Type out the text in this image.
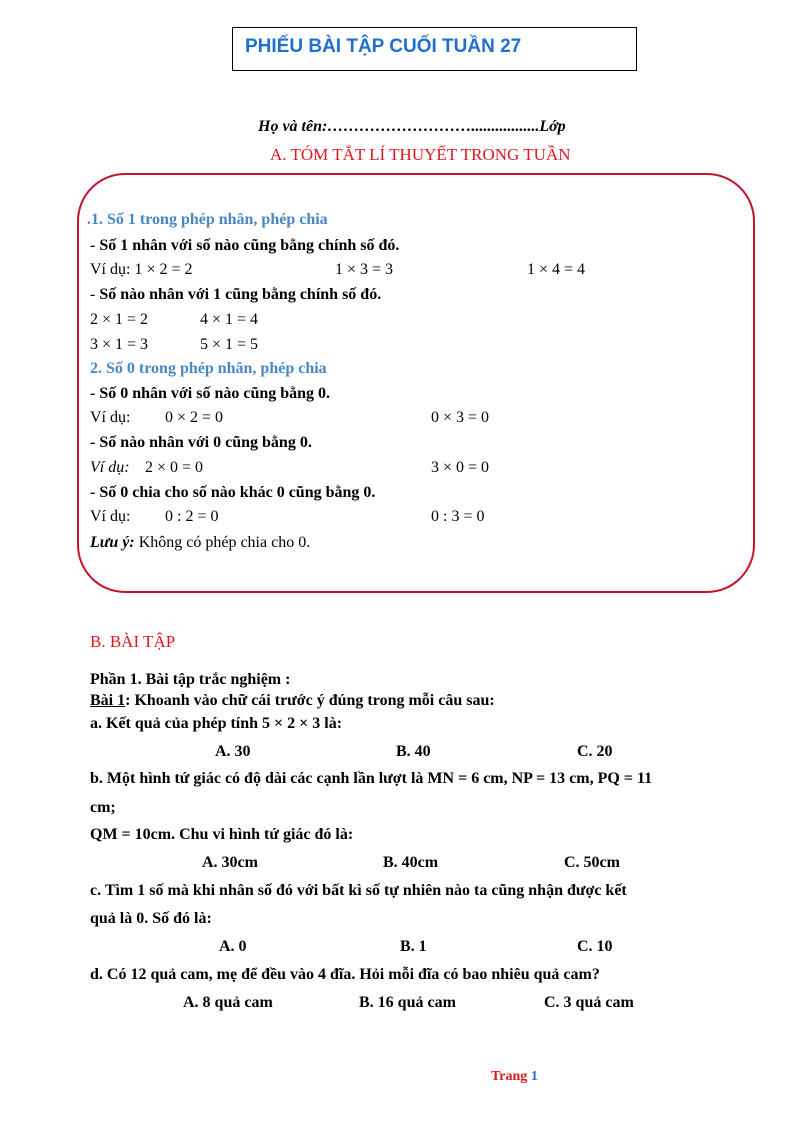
PHIẾU BÀI TẬP CUỐI TUẦN 27
Họ và tên:……………………….................Lớp
A. TÓM TẮT LÍ THUYẾT TRONG TUẦN
.1. Số 1 trong phép nhân, phép chia
- Số 1 nhân với số nào cũng bằng chính số đó.
Ví dụ: 1 × 2 = 2	1 × 3 = 3	1 × 4 = 4
- Số nào nhân với 1 cũng bằng chính số đó.
2 × 1 = 2	4 × 1 = 4
3 × 1 = 3	5 × 1 = 5
2. Số 0 trong phép nhân, phép chia
- Số 0 nhân với số nào cũng bằng 0.
Ví dụ: 0 × 2 = 0	0 × 3 = 0
- Số nào nhân với 0 cũng bằng 0.
Ví dụ: 2 × 0 = 0	3 × 0 = 0
- Số 0 chia cho số nào khác 0 cũng bằng 0.
Ví dụ: 0 : 2 = 0	0 : 3 = 0
Lưu ý: Không có phép chia cho 0.
B. BÀI TẬP
Phần 1. Bài tập trắc nghiệm :
Bài 1: Khoanh vào chữ cái trước ý đúng trong mỗi câu sau:
a. Kết quả của phép tính 5 × 2 × 3 là:
A. 30	B. 40	C. 20
b. Một hình tứ giác có độ dài các cạnh lần lượt là MN = 6 cm, NP = 13 cm, PQ = 11
cm;
QM = 10cm. Chu vi hình tứ giác đó là:
A. 30cm	B. 40cm	C. 50cm
c. Tìm 1 số mà khi nhân số đó với bất kì số tự nhiên nào ta cũng nhận được kết
quả là 0. Số đó là:
A. 0	B. 1	C. 10
d. Có 12 quả cam, mẹ để đều vào 4 đĩa. Hỏi mỗi đĩa có bao nhiêu quả cam?
A. 8 quả cam	B. 16 quả cam	C. 3 quả cam
Trang 1
